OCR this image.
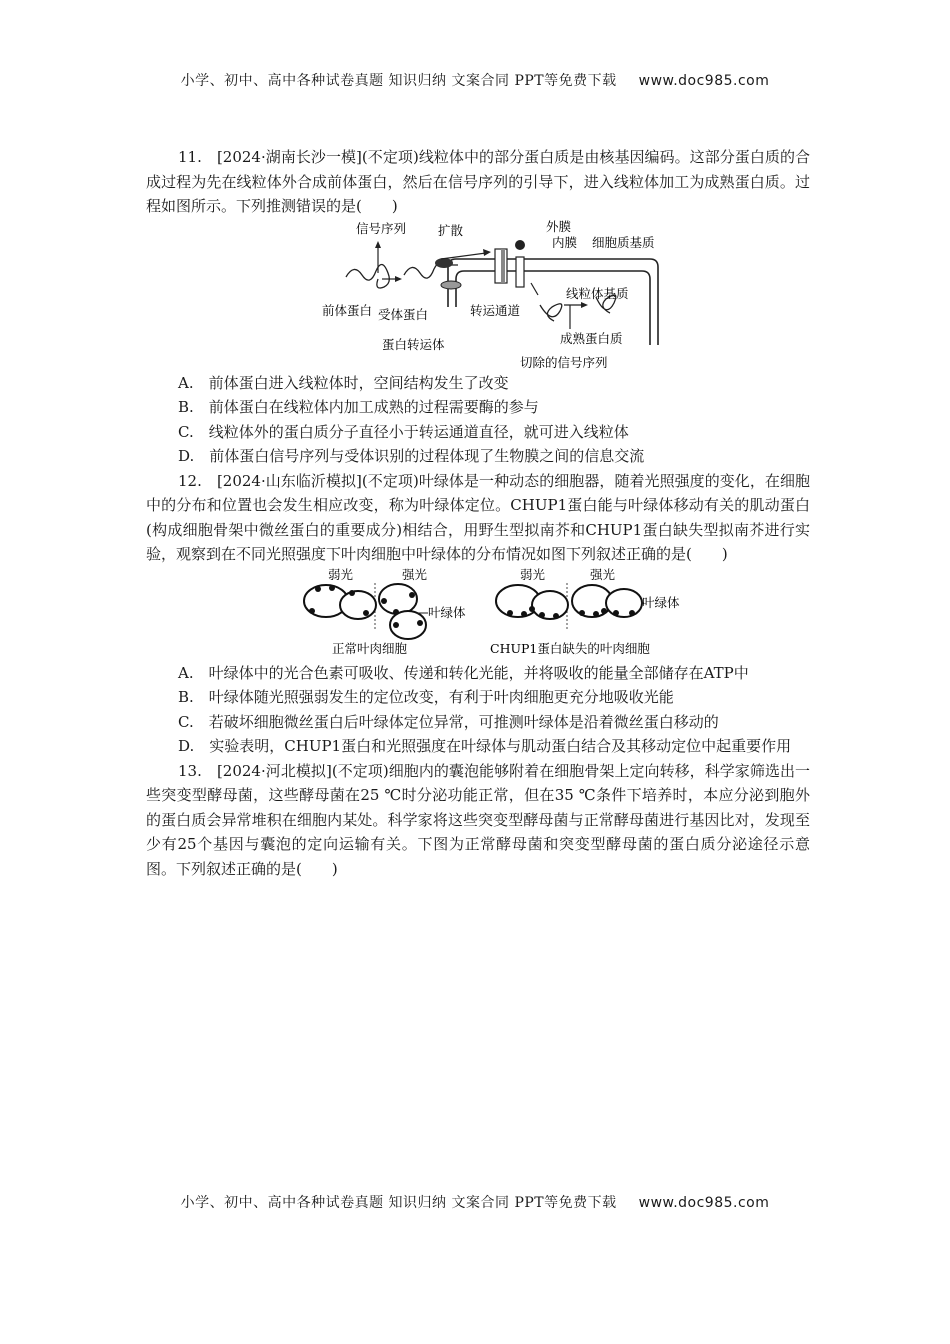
小学、初中、高中各种试卷真题 知识归纳 文案合同 PPT等免费下载 www.doc985.com

11.　[2024·湖南长沙一模](不定项)线粒体中的部分蛋白质是由核基因编码。这部分蛋白质的合成过程为先在线粒体外合成前体蛋白，然后在信号序列的引导下，进入线粒体加工为成熟蛋白质。过程如图所示。下列推测错误的是(　　)

信号序列	扩散	外膜
内膜 细胞质基质
前体蛋白 受体蛋白	转运通道
线粒体基质
蛋白转运体	成熟蛋白质
切除的信号序列

A.　前体蛋白进入线粒体时，空间结构发生了改变

B.　前体蛋白在线粒体内加工成熟的过程需要酶的参与

C.　线粒体外的蛋白质分子直径小于转运通道直径，就可进入线粒体

D.　前体蛋白信号序列与受体识别的过程体现了生物膜之间的信息交流

12.　[2024·山东临沂模拟](不定项)叶绿体是一种动态的细胞器，随着光照强度的变化，在细胞中的分布和位置也会发生相应改变，称为叶绿体定位。CHUP1蛋白能与叶绿体移动有关的肌动蛋白(构成细胞骨架中微丝蛋白的重要成分)相结合，用野生型拟南芥和CHUP1蛋白缺失型拟南芥进行实验，观察到在不同光照强度下叶肉细胞中叶绿体的分布情况如图下列叙述正确的是(　　)

弱光	强光	弱光	强光
叶绿体
叶绿体
正常叶肉细胞	CHUP1蛋白缺失的叶肉细胞

A.　叶绿体中的光合色素可吸收、传递和转化光能，并将吸收的能量全部储存在ATP中

B.　叶绿体随光照强弱发生的定位改变，有利于叶肉细胞更充分地吸收光能

C.　若破坏细胞微丝蛋白后叶绿体定位异常，可推测叶绿体是沿着微丝蛋白移动的

D.　实验表明，CHUP1蛋白和光照强度在叶绿体与肌动蛋白结合及其移动定位中起重要作用

13.　[2024·河北模拟](不定项)细胞内的囊泡能够附着在细胞骨架上定向转移，科学家筛选出一些突变型酵母菌，这些酵母菌在25 ℃时分泌功能正常，但在35 ℃条件下培养时，本应分泌到胞外的蛋白质会异常堆积在细胞内某处。科学家将这些突变型酵母菌与正常酵母菌进行基因比对，发现至少有25个基因与囊泡的定向运输有关。下图为正常酵母菌和突变型酵母菌的蛋白质分泌途径示意图。下列叙述正确的是(　　)

小学、初中、高中各种试卷真题 知识归纳 文案合同 PPT等免费下载 www.doc985.com
